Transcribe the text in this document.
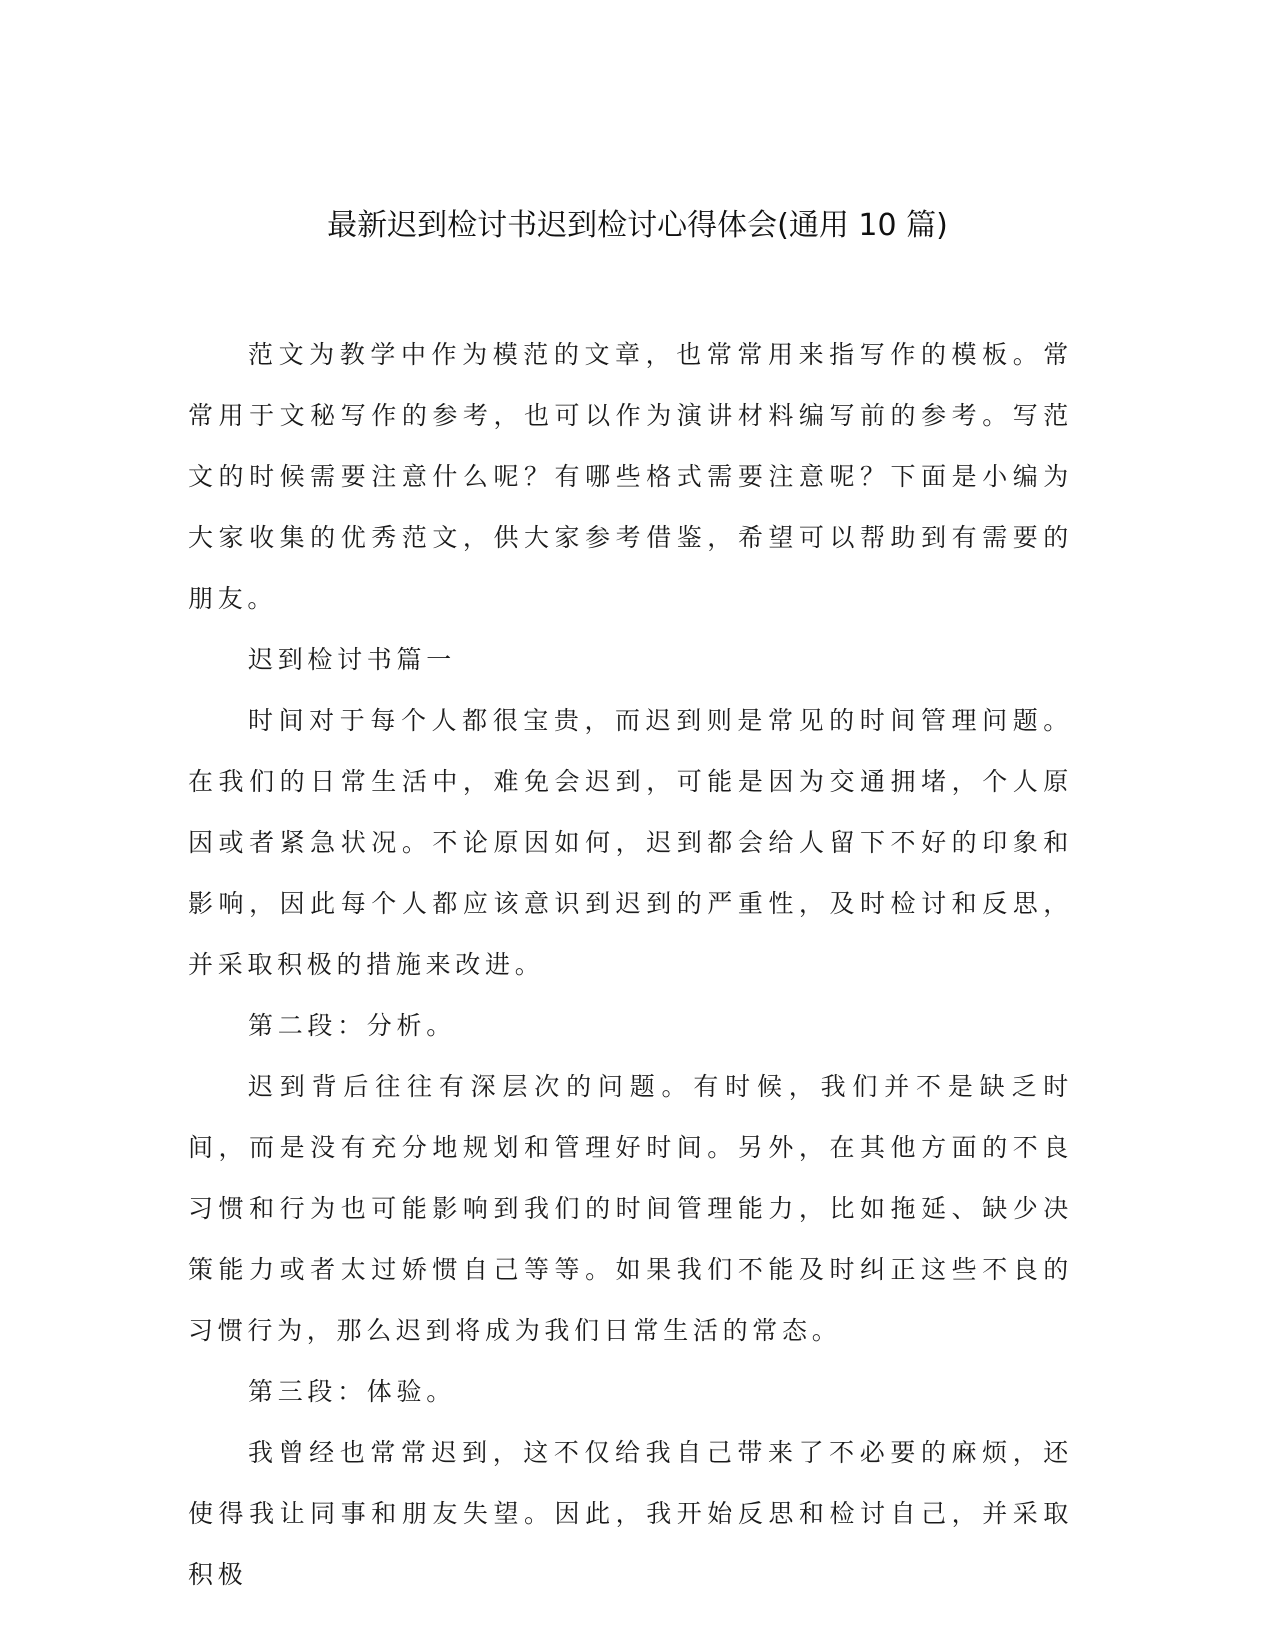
最新迟到检讨书迟到检讨心得体会(通用 10 篇)

范文为教学中作为模范的文章，也常常用来指写作的模板。常常用于文秘写作的参考，也可以作为演讲材料编写前的参考。写范文的时候需要注意什么呢？有哪些格式需要注意呢？下面是小编为大家收集的优秀范文，供大家参考借鉴，希望可以帮助到有需要的朋友。

迟到检讨书篇一

时间对于每个人都很宝贵，而迟到则是常见的时间管理问题。在我们的日常生活中，难免会迟到，可能是因为交通拥堵，个人原因或者紧急状况。不论原因如何，迟到都会给人留下不好的印象和影响，因此每个人都应该意识到迟到的严重性，及时检讨和反思，并采取积极的措施来改进。

第二段：分析。

迟到背后往往有深层次的问题。有时候，我们并不是缺乏时间，而是没有充分地规划和管理好时间。另外，在其他方面的不良习惯和行为也可能影响到我们的时间管理能力，比如拖延、缺少决策能力或者太过娇惯自己等等。如果我们不能及时纠正这些不良的习惯行为，那么迟到将成为我们日常生活的常态。

第三段：体验。

我曾经也常常迟到，这不仅给我自己带来了不必要的麻烦，还使得我让同事和朋友失望。因此，我开始反思和检讨自己，并采取积极
